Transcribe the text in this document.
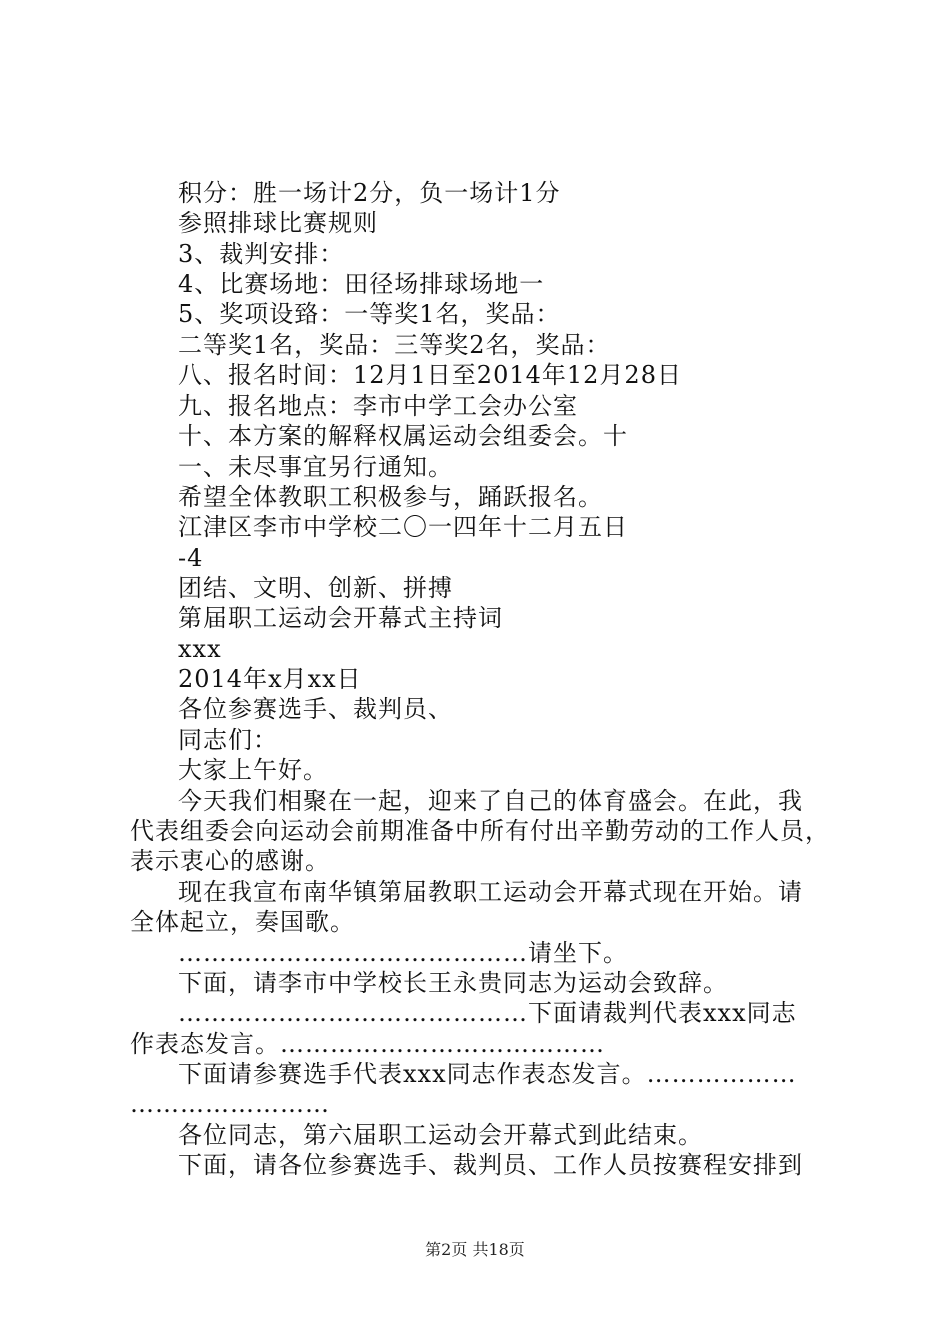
积分：胜一场计2分，负一场计1分
参照排球比赛规则
3、裁判安排：
4、比赛场地：田径场排球场地一
5、奖项设臵：一等奖1名，奖品：
二等奖1名，奖品：三等奖2名，奖品：
八、报名时间：12月1日至2014年12月28日
九、报名地点：李市中学工会办公室
十、本方案的解释权属运动会组委会。十
一、未尽事宜另行通知。
希望全体教职工积极参与，踊跃报名。
江津区李市中学校二〇一四年十二月五日
-4
团结、文明、创新、拼搏
第届职工运动会开幕式主持词
xxx
2014年x月xx日
各位参赛选手、裁判员、
同志们：
大家上午好。
今天我们相聚在一起，迎来了自己的体育盛会。在此，我
代表组委会向运动会前期准备中所有付出辛勤劳动的工作人员，
表示衷心的感谢。
现在我宣布南华镇第届教职工运动会开幕式现在开始。请
全体起立，奏国歌。
……………………………………请坐下。
下面，请李市中学校长王永贵同志为运动会致辞。
……………………………………下面请裁判代表xxx同志
作表态发言。…………………………………
下面请参赛选手代表xxx同志作表态发言。………………
……………………
各位同志，第六届职工运动会开幕式到此结束。
下面，请各位参赛选手、裁判员、工作人员按赛程安排到
第2页 共18页
